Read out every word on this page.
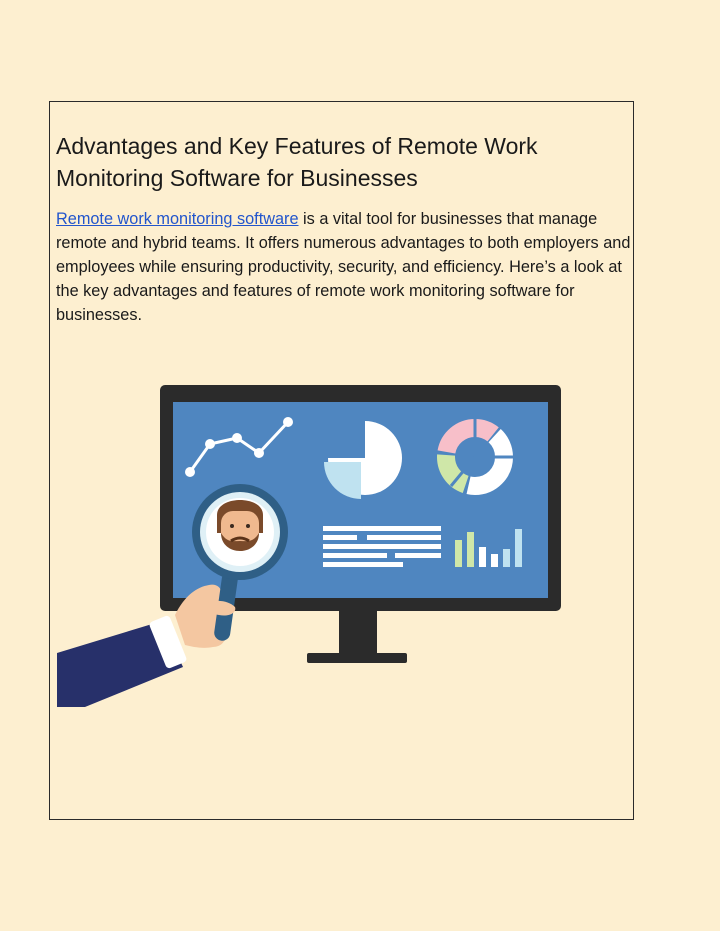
Advantages and Key Features of Remote Work Monitoring Software for Businesses

Remote work monitoring software is a vital tool for businesses that manage remote and hybrid teams. It offers numerous advantages to both employers and employees while ensuring productivity, security, and efficiency. Here’s a look at the key advantages and features of remote work monitoring software for businesses.
